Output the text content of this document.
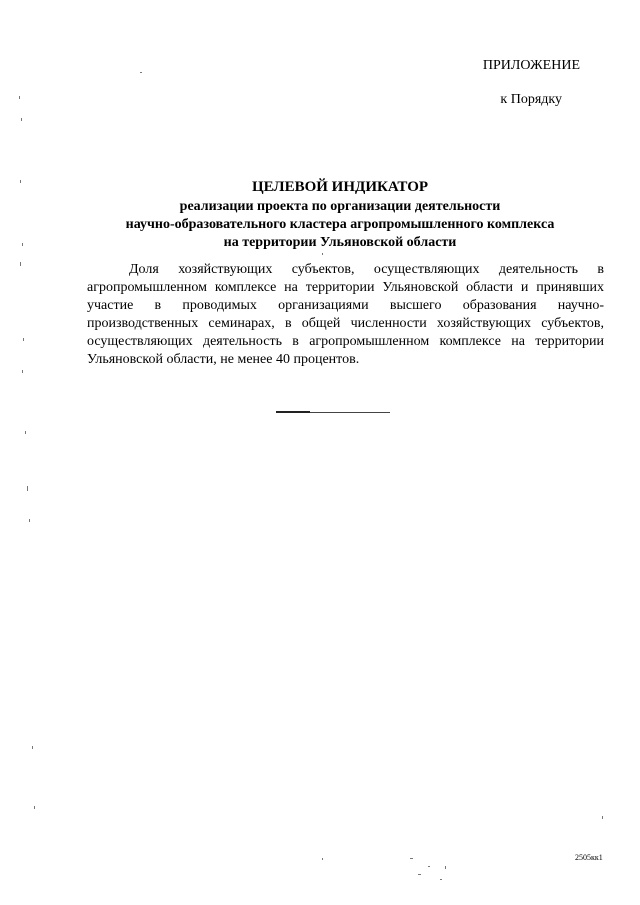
ПРИЛОЖЕНИЕ
к Порядку
ЦЕЛЕВОЙ ИНДИКАТОР
реализации проекта по организации деятельности
научно-образовательного кластера агропромышленного комплекса
на территории Ульяновской области
Доля хозяйствующих субъектов, осуществляющих деятельность в агропромышленном комплексе на территории Ульяновской области и принявших участие в проводимых организациями высшего образования научно-производственных семинарах, в общей численности хозяйствующих субъектов, осуществляющих деятельность в агропромышленном комплексе на территории Ульяновской области, не менее 40 процентов.
2505кк1
